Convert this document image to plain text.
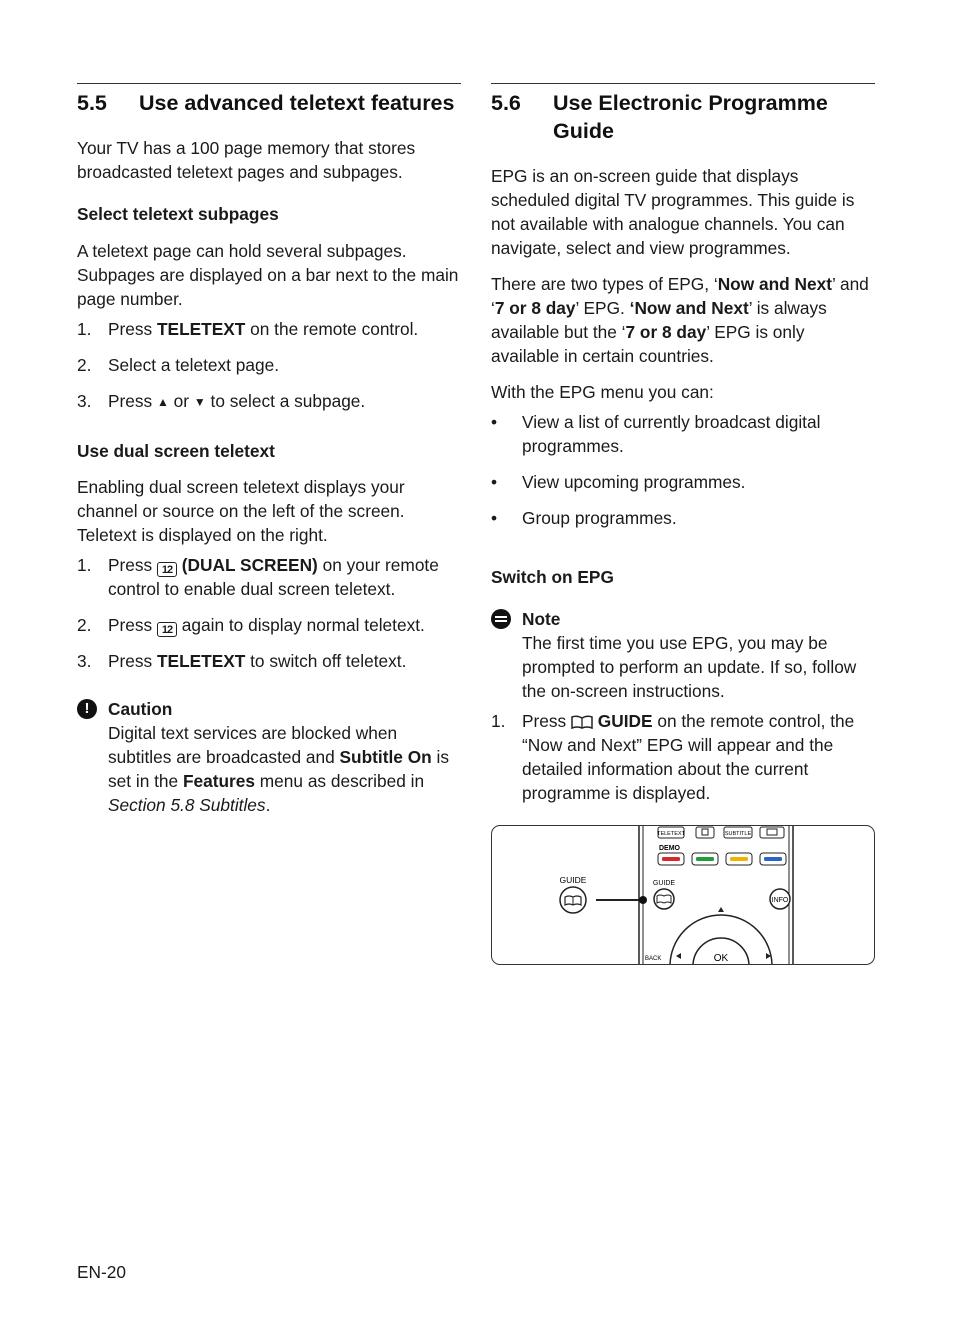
5.5	Use advanced teletext features

Your TV has a 100 page memory that stores broadcasted teletext pages and subpages.

Select teletext subpages

A teletext page can hold several subpages. Subpages are displayed on a bar next to the main page number.

1. Press TELETEXT on the remote control.
2. Select a teletext page.
3. Press ▲ or ▼ to select a subpage.
Use dual screen teletext

Enabling dual screen teletext displays your channel or source on the left of the screen. Teletext is displayed on the right.

1. Press 12 (DUAL SCREEN) on your remote control to enable dual screen teletext.
2. Press 12 again to display normal teletext.
3. Press TELETEXT to switch off teletext.
!	Caution

Digital text services are blocked when subtitles are broadcasted and Subtitle On is set in the Features menu as described in Section 5.8 Subtitles.

5.6	Use Electronic Programme Guide

EPG is an on-screen guide that displays scheduled digital TV programmes. This guide is not available with analogue channels. You can navigate, select and view programmes.

There are two types of EPG, ‘Now and Next’ and ‘7 or 8 day’ EPG. ‘Now and Next’ is always available but the ‘7 or 8 day’ EPG is only available in certain countries.

With the EPG menu you can:

•	View a list of currently broadcast digital programmes.
•	View upcoming programmes.
•	Group programmes.
Switch on EPG
Note

The first time you use EPG, you may be prompted to perform an update. If so, follow the on-screen instructions.

1. Press  GUIDE on the remote control, the “Now and Next” EPG will appear and the detailed information about the current programme is displayed.
TELETEXT	SUBTITLE
DEMO
GUIDE
INFO
OK
BACK
GUIDE
EN-20
